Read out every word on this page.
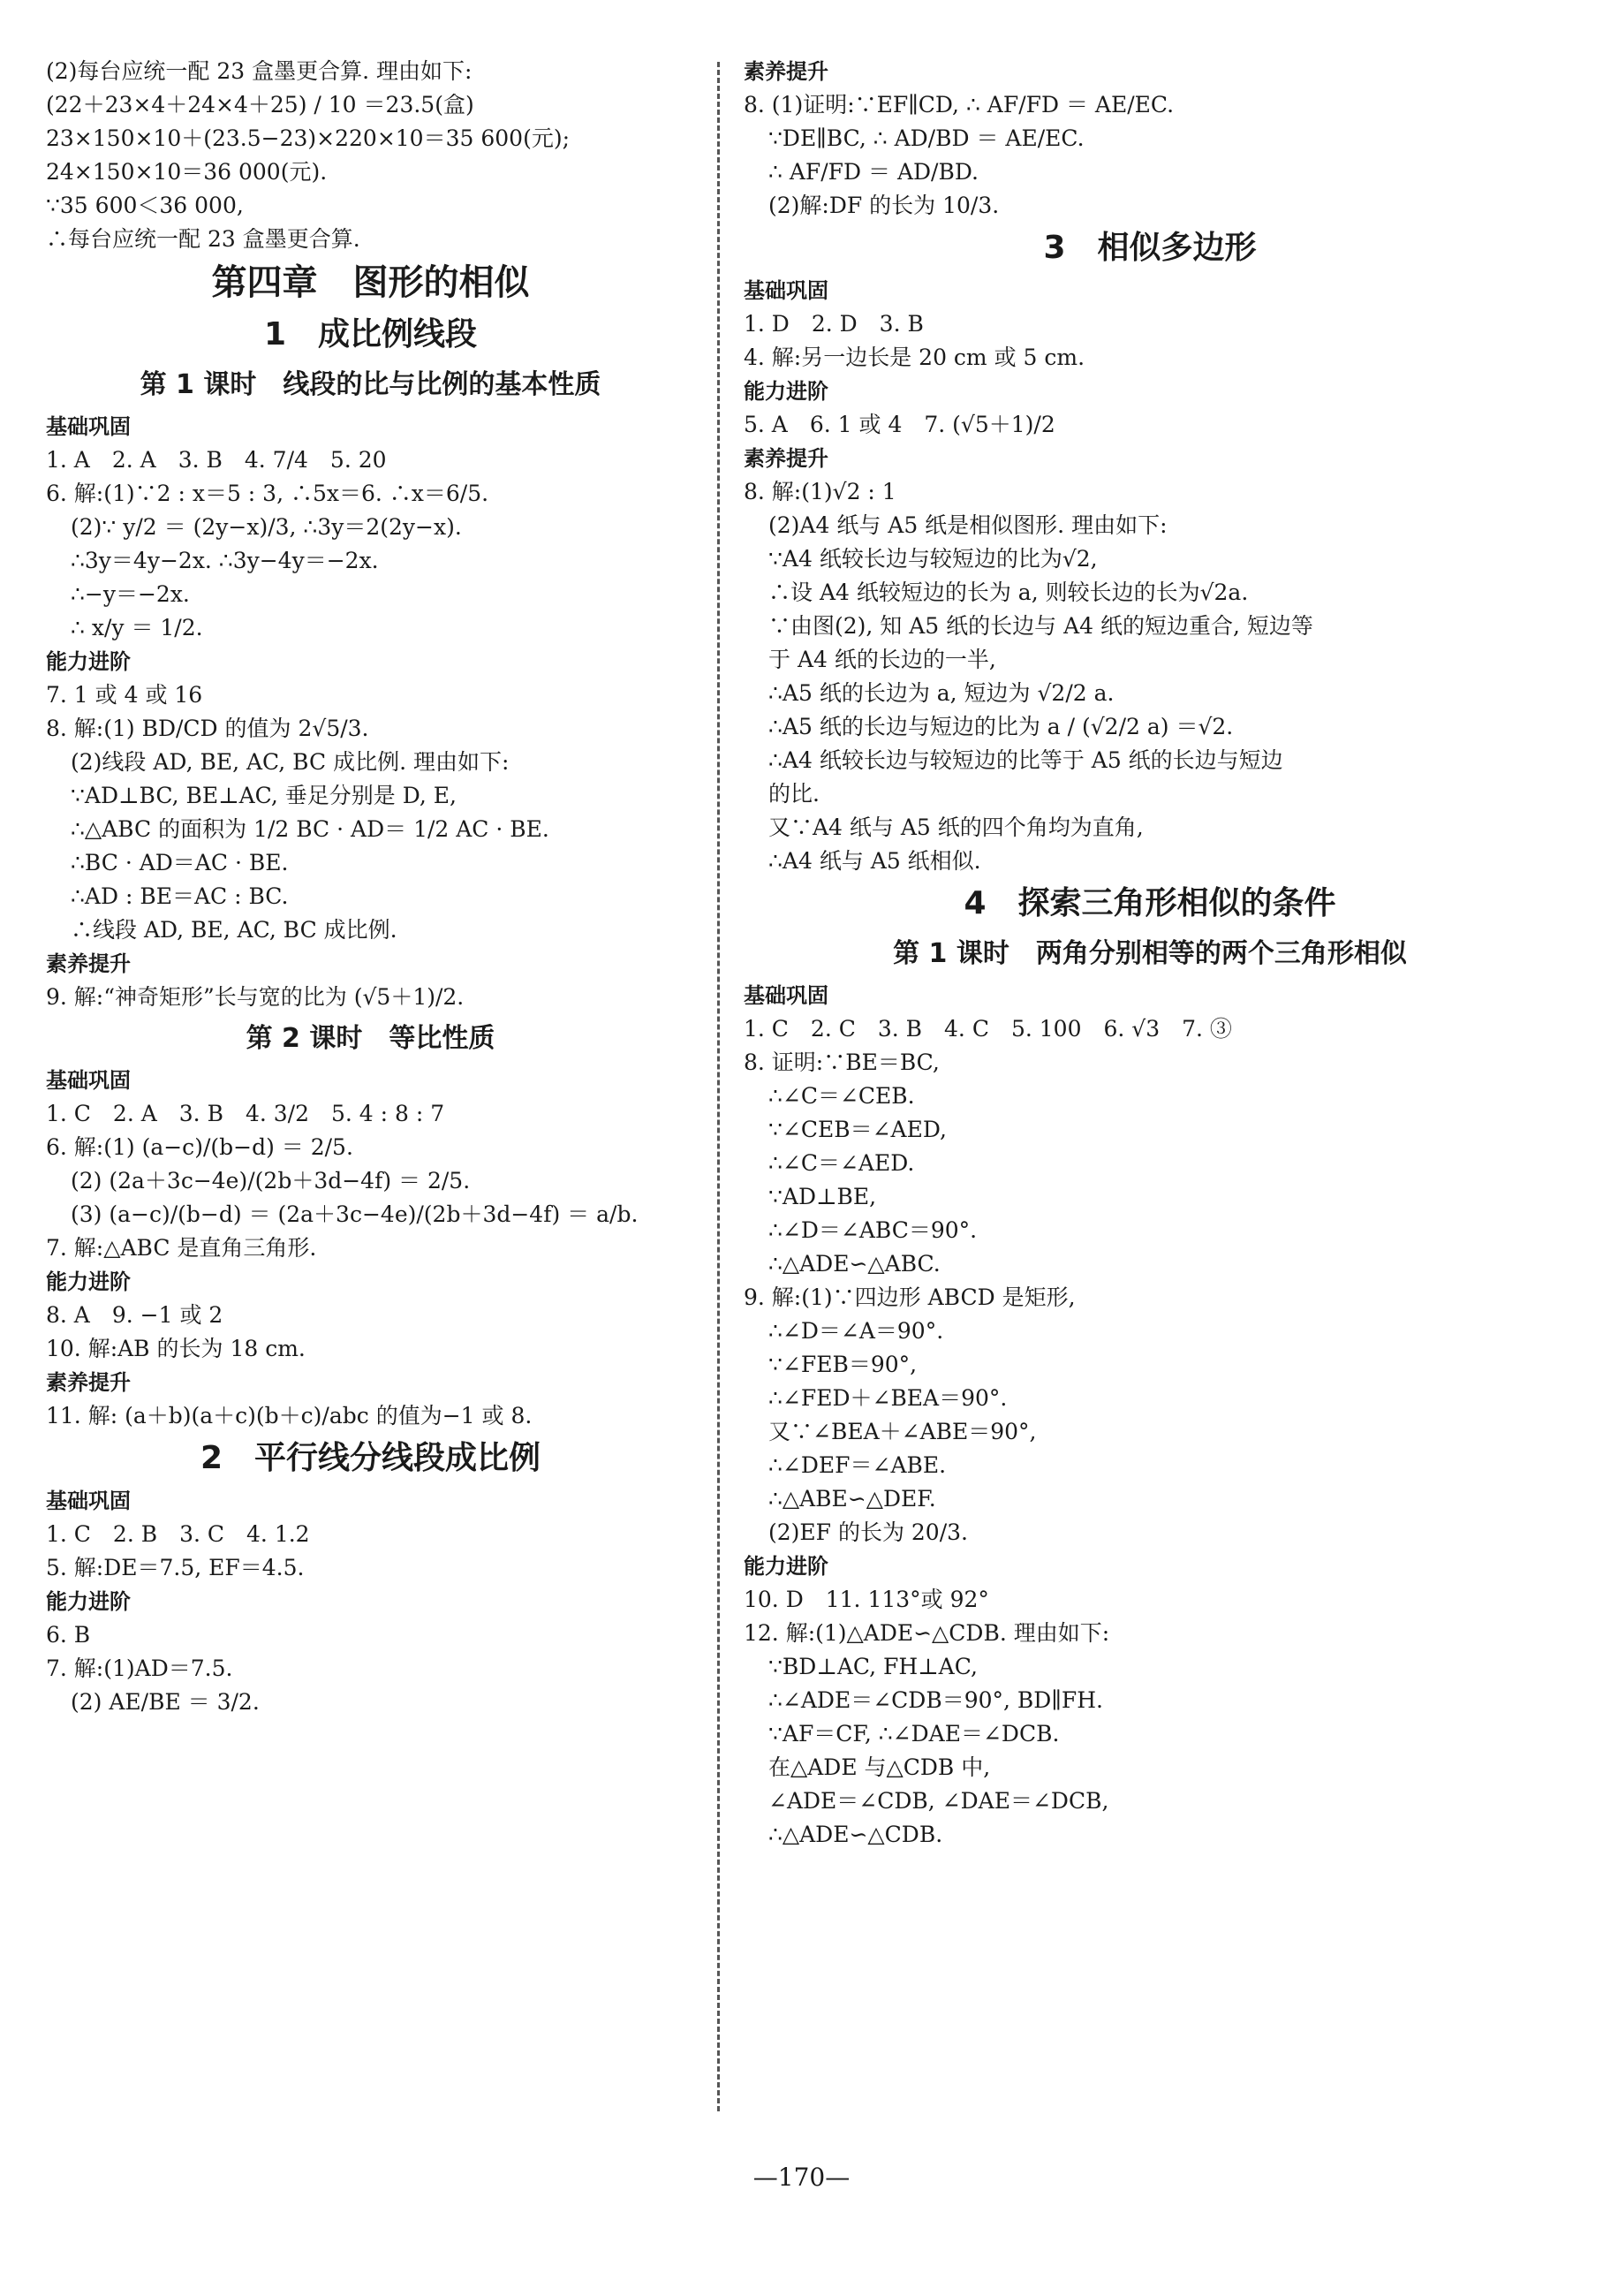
(2)每台应统一配 23 盒墨更合算. 理由如下:
(22＋23×4＋24×4＋25) / 10 ＝23.5(盒)
23×150×10＋(23.5−23)×220×10＝35 600(元);
24×150×10＝36 000(元).
∵35 600＜36 000,
∴每台应统一配 23 盒墨更合算.
第四章　图形的相似
1　成比例线段
第 1 课时　线段的比与比例的基本性质
基础巩固
1. A　2. A　3. B　4. 7/4　5. 20
6. 解:(1)∵2 : x＝5 : 3, ∴5x＝6. ∴x＝6/5.
(2)∵ y/2 ＝ (2y−x)/3, ∴3y＝2(2y−x).
∴3y＝4y−2x. ∴3y−4y＝−2x.
∴−y＝−2x.
∴ x/y ＝ 1/2.
能力进阶
7. 1 或 4 或 16
8. 解:(1) BD/CD 的值为 2√5/3.
(2)线段 AD, BE, AC, BC 成比例. 理由如下:
∵AD⊥BC, BE⊥AC, 垂足分别是 D, E,
∴△ABC 的面积为 1/2 BC · AD＝ 1/2 AC · BE.
∴BC · AD＝AC · BE.
∴AD : BE＝AC : BC.
∴线段 AD, BE, AC, BC 成比例.
素养提升
9. 解:“神奇矩形”长与宽的比为 (√5＋1)/2.
第 2 课时　等比性质
基础巩固
1. C　2. A　3. B　4. 3/2　5. 4 : 8 : 7
6. 解:(1) (a−c)/(b−d) ＝ 2/5.
(2) (2a＋3c−4e)/(2b＋3d−4f) ＝ 2/5.
(3) (a−c)/(b−d) ＝ (2a＋3c−4e)/(2b＋3d−4f) ＝ a/b.
7. 解:△ABC 是直角三角形.
能力进阶
8. A　9. −1 或 2
10. 解:AB 的长为 18 cm.
素养提升
11. 解: (a＋b)(a＋c)(b＋c)/abc 的值为−1 或 8.
2　平行线分线段成比例
基础巩固
1. C　2. B　3. C　4. 1.2
5. 解:DE＝7.5, EF＝4.5.
能力进阶
6. B
7. 解:(1)AD＝7.5.
(2) AE/BE ＝ 3/2.
素养提升
8. (1)证明:∵EF∥CD, ∴ AF/FD ＝ AE/EC.
∵DE∥BC, ∴ AD/BD ＝ AE/EC.
∴ AF/FD ＝ AD/BD.
(2)解:DF 的长为 10/3.
3　相似多边形
基础巩固
1. D　2. D　3. B
4. 解:另一边长是 20 cm 或 5 cm.
能力进阶
5. A　6. 1 或 4　7. (√5＋1)/2
素养提升
8. 解:(1)√2 : 1
(2)A4 纸与 A5 纸是相似图形. 理由如下:
∵A4 纸较长边与较短边的比为√2,
∴设 A4 纸较短边的长为 a, 则较长边的长为√2a.
∵由图(2), 知 A5 纸的长边与 A4 纸的短边重合, 短边等
于 A4 纸的长边的一半,
∴A5 纸的长边为 a, 短边为 √2/2 a.
∴A5 纸的长边与短边的比为 a / (√2/2 a) ＝√2.
∴A4 纸较长边与较短边的比等于 A5 纸的长边与短边
的比.
又∵A4 纸与 A5 纸的四个角均为直角,
∴A4 纸与 A5 纸相似.
4　探索三角形相似的条件
第 1 课时　两角分别相等的两个三角形相似
基础巩固
1. C　2. C　3. B　4. C　5. 100　6. √3　7. ③
8. 证明:∵BE＝BC,
∴∠C＝∠CEB.
∵∠CEB＝∠AED,
∴∠C＝∠AED.
∵AD⊥BE,
∴∠D＝∠ABC＝90°.
∴△ADE∽△ABC.
9. 解:(1)∵四边形 ABCD 是矩形,
∴∠D＝∠A＝90°.
∵∠FEB＝90°,
∴∠FED＋∠BEA＝90°.
又∵∠BEA＋∠ABE＝90°,
∴∠DEF＝∠ABE.
∴△ABE∽△DEF.
(2)EF 的长为 20/3.
能力进阶
10. D　11. 113°或 92°
12. 解:(1)△ADE∽△CDB. 理由如下:
∵BD⊥AC, FH⊥AC,
∴∠ADE＝∠CDB＝90°, BD∥FH.
∵AF＝CF, ∴∠DAE＝∠DCB.
在△ADE 与△CDB 中,
∠ADE＝∠CDB, ∠DAE＝∠DCB,
∴△ADE∽△CDB.
—170—
